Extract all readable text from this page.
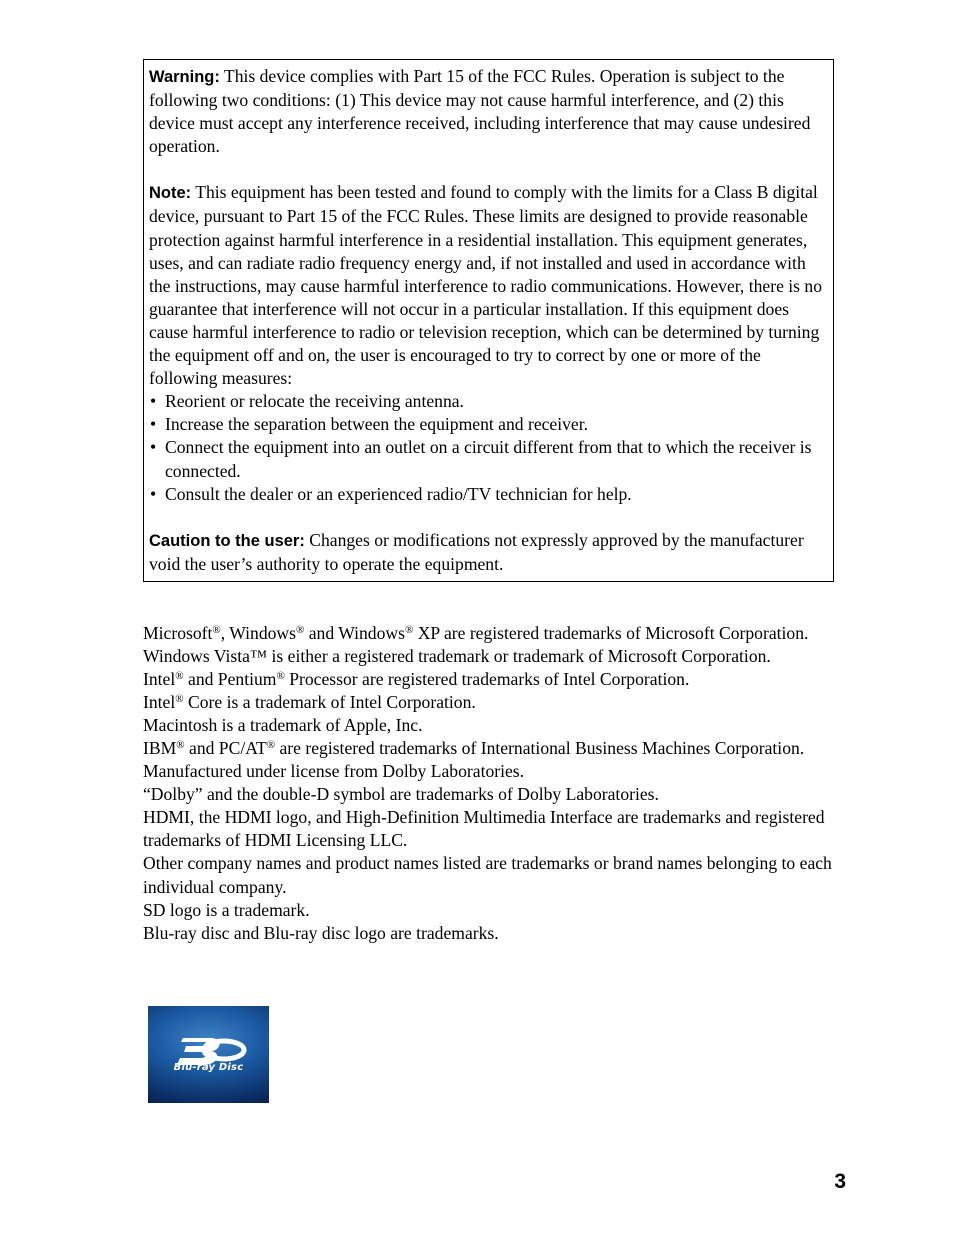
Warning: This device complies with Part 15 of the FCC Rules. Operation is subject to the following two conditions: (1) This device may not cause harmful interference, and (2) this device must accept any interference received, including interference that may cause undesired operation.

Note: This equipment has been tested and found to comply with the limits for a Class B digital device, pursuant to Part 15 of the FCC Rules. These limits are designed to provide reasonable protection against harmful interference in a residential installation. This equipment generates, uses, and can radiate radio frequency energy and, if not installed and used in accordance with the instructions, may cause harmful interference to radio communications. However, there is no guarantee that interference will not occur in a particular installation. If this equipment does cause harmful interference to radio or television reception, which can be determined by turning the equipment off and on, the user is encouraged to try to correct by one or more of the following measures:

• Reorient or relocate the receiving antenna.
• Increase the separation between the equipment and receiver.
• Connect the equipment into an outlet on a circuit different from that to which the receiver is connected.
• Consult the dealer or an experienced radio/TV technician for help.

Caution to the user: Changes or modifications not expressly approved by the manufacturer void the user’s authority to operate the equipment.

Microsoft®, Windows® and Windows® XP are registered trademarks of Microsoft Corporation.

Windows Vista™ is either a registered trademark or trademark of Microsoft Corporation.

Intel® and Pentium® Processor are registered trademarks of Intel Corporation.

Intel® Core is a trademark of Intel Corporation.

Macintosh is a trademark of Apple, Inc.

IBM® and PC/AT® are registered trademarks of International Business Machines Corporation.

Manufactured under license from Dolby Laboratories.

“Dolby” and the double-D symbol are trademarks of Dolby Laboratories.

HDMI, the HDMI logo, and High-Definition Multimedia Interface are trademarks and registered trademarks of HDMI Licensing LLC.

Other company names and product names listed are trademarks or brand names belonging to each individual company.

SD logo is a trademark.

Blu-ray disc and Blu-ray disc logo are trademarks.

Blu-ray Disc
3
